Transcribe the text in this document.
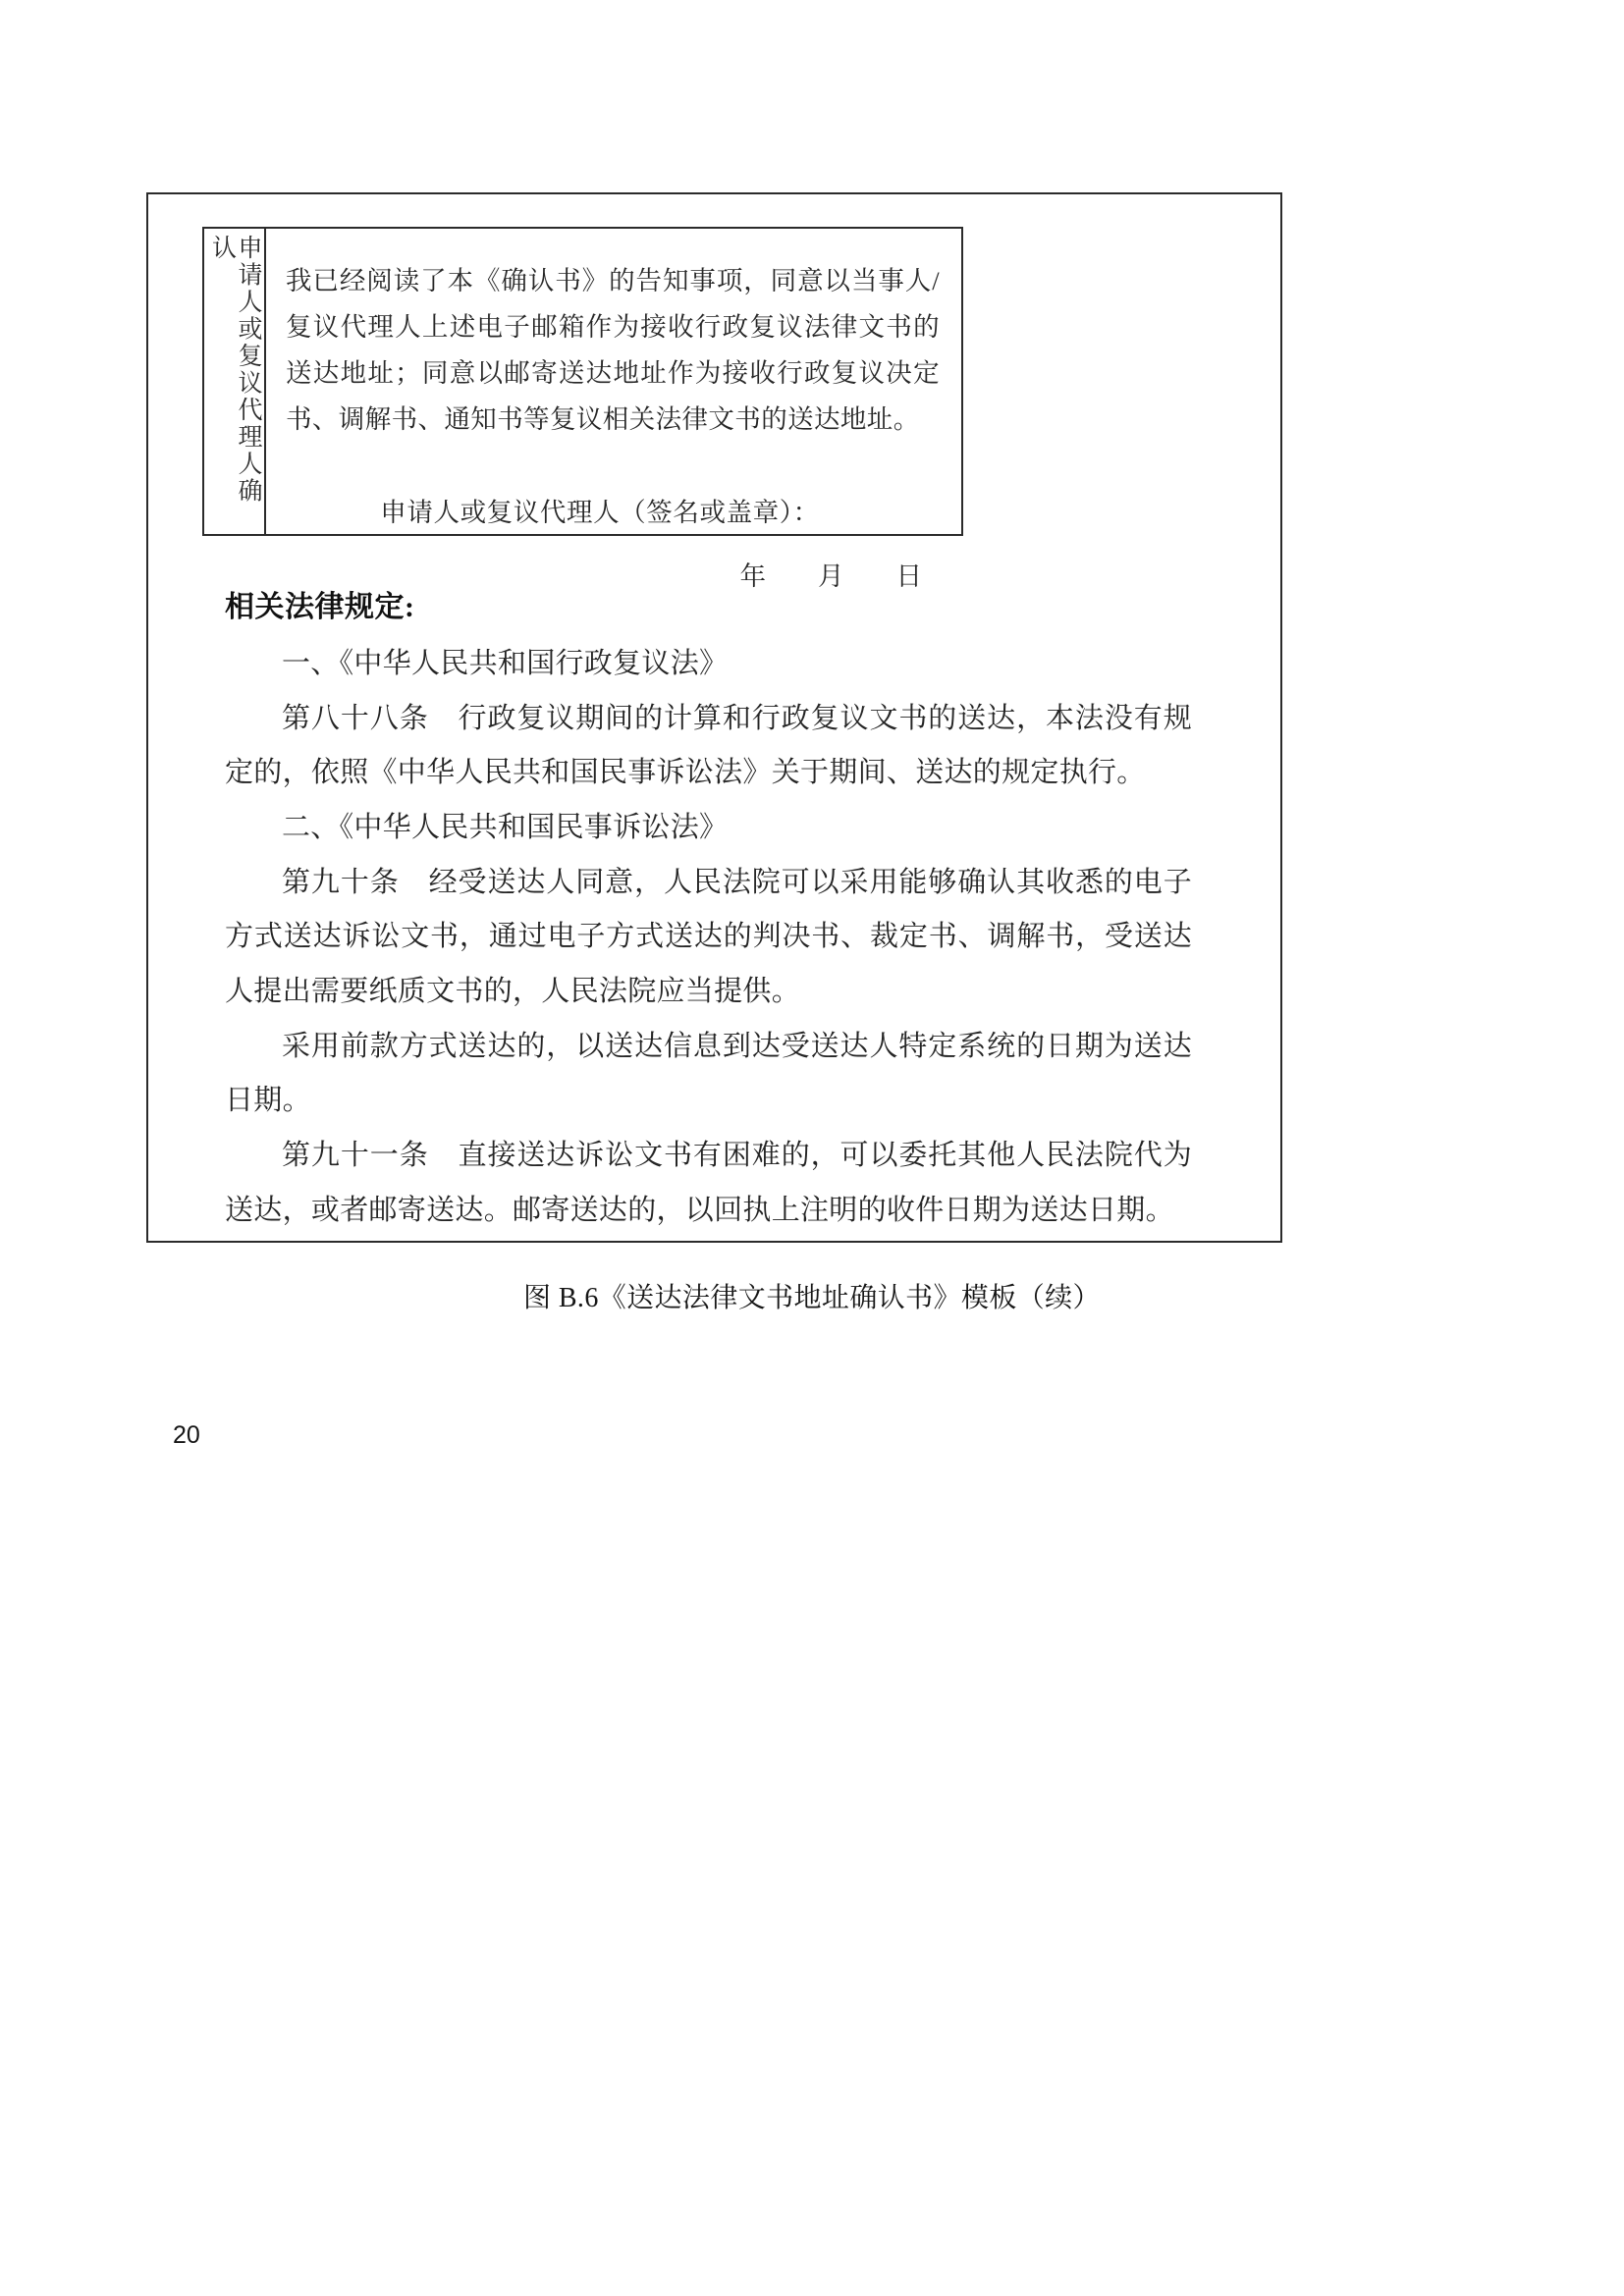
申请人或复议代理人确认
我已经阅读了本《确认书》的告知事项，同意以当事人/复议代理人上述电子邮箱作为接收行政复议法律文书的送达地址；同意以邮寄送达地址作为接收行政复议决定书、调解书、通知书等复议相关法律文书的送达地址。
申请人或复议代理人（签名或盖章）：
年        月        日
相关法律规定:
一、《中华人民共和国行政复议法》
第八十八条　行政复议期间的计算和行政复议文书的送达，本法没有规定的，依照《中华人民共和国民事诉讼法》关于期间、送达的规定执行。
二、《中华人民共和国民事诉讼法》
第九十条　经受送达人同意，人民法院可以采用能够确认其收悉的电子方式送达诉讼文书，通过电子方式送达的判决书、裁定书、调解书，受送达人提出需要纸质文书的，人民法院应当提供。
采用前款方式送达的，以送达信息到达受送达人特定系统的日期为送达日期。
第九十一条　直接送达诉讼文书有困难的，可以委托其他人民法院代为送达，或者邮寄送达。邮寄送达的，以回执上注明的收件日期为送达日期。
图 B.6《送达法律文书地址确认书》模板（续）
20
